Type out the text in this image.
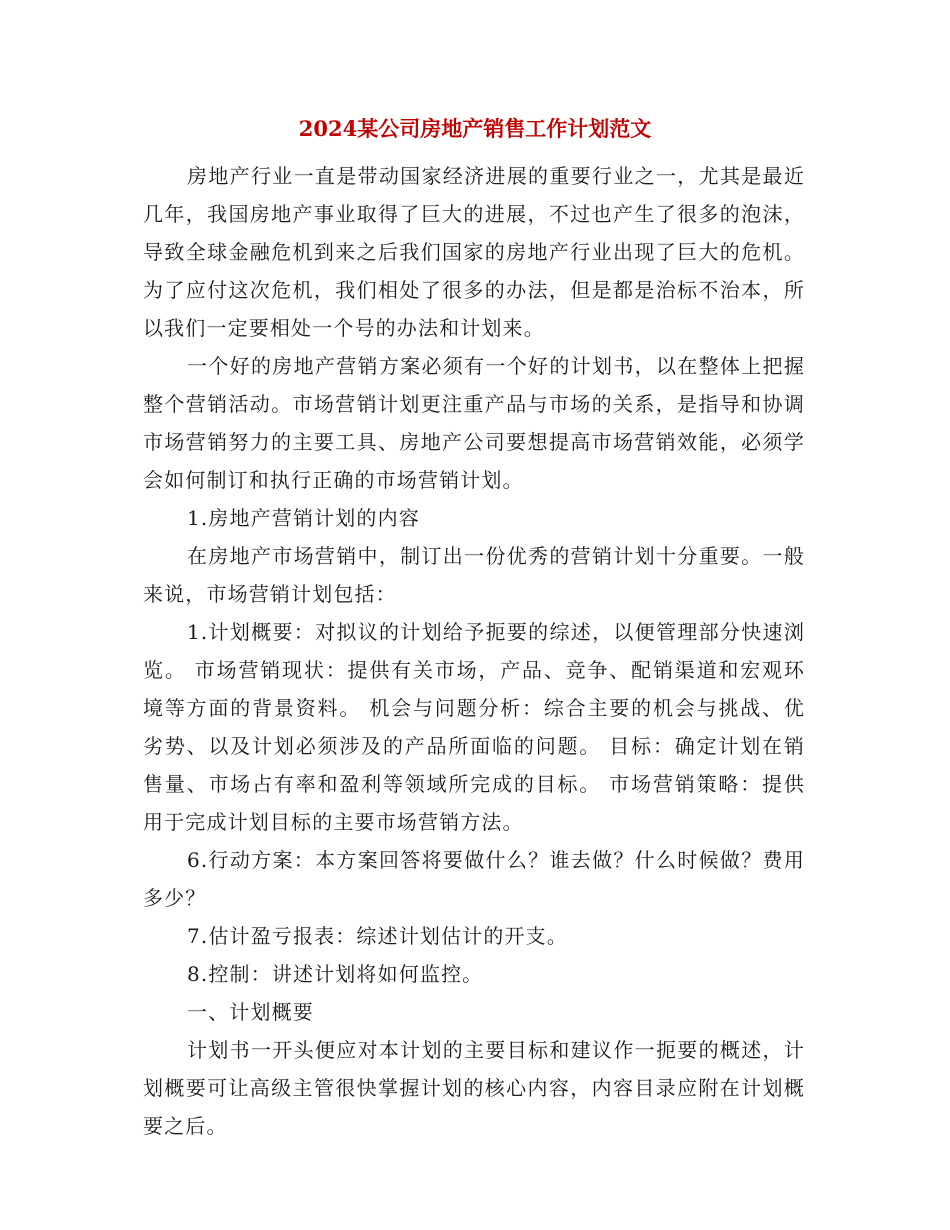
2024某公司房地产销售工作计划范文

房地产行业一直是带动国家经济进展的重要行业之一，尤其是最近几年，我国房地产事业取得了巨大的进展，不过也产生了很多的泡沫，导致全球金融危机到来之后我们国家的房地产行业出现了巨大的危机。为了应付这次危机，我们相处了很多的办法，但是都是治标不治本，所以我们一定要相处一个号的办法和计划来。

一个好的房地产营销方案必须有一个好的计划书，以在整体上把握整个营销活动。市场营销计划更注重产品与市场的关系，是指导和协调市场营销努力的主要工具、房地产公司要想提高市场营销效能，必须学会如何制订和执行正确的市场营销计划。

1.房地产营销计划的内容

在房地产市场营销中，制订出一份优秀的营销计划十分重要。一般来说，市场营销计划包括：

1.计划概要：对拟议的计划给予扼要的综述，以便管理部分快速浏览。 市场营销现状：提供有关市场，产品、竞争、配销渠道和宏观环境等方面的背景资料。 机会与问题分析：综合主要的机会与挑战、优劣势、以及计划必须涉及的产品所面临的问题。 目标：确定计划在销售量、市场占有率和盈利等领域所完成的目标。 市场营销策略：提供用于完成计划目标的主要市场营销方法。

6.行动方案：本方案回答将要做什么？谁去做？什么时候做？费用多少？

7.估计盈亏报表：综述计划估计的开支。

8.控制：讲述计划将如何监控。

一、计划概要

计划书一开头便应对本计划的主要目标和建议作一扼要的概述，计划概要可让高级主管很快掌握计划的核心内容，内容目录应附在计划概要之后。
